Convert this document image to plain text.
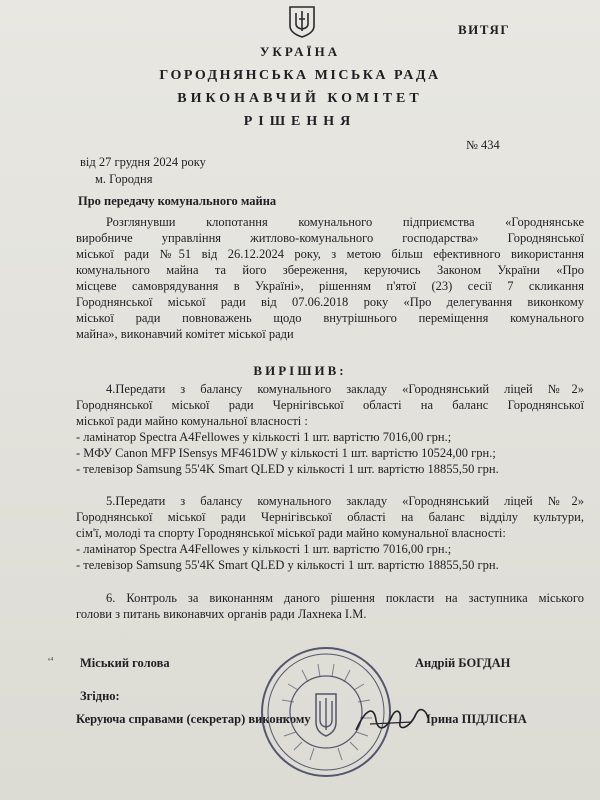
ВИТЯГ
УКРАЇНА
ГОРОДНЯНСЬКА МІСЬКА РАДА
ВИКОНАВЧИЙ КОМІТЕТ
РІШЕННЯ
№ 434
від 27 грудня 2024 року
м. Городня
Про передачу комунального майна
Розглянувши клопотання комунального підприємства «Городнянське
виробниче управління житлово-комунального господарства» Городнянської
міської ради №51 від 26.12.2024 року, з метою більш ефективного використання
комунального майна та його збереження, керуючись Законом України «Про
місцеве самоврядування в Україні», рішенням п'ятої (23) сесії 7 скликання
Городнянської міської ради від 07.06.2018 року «Про делегування виконкому
міської ради повноважень щодо внутрішнього переміщення комунального
майна», виконавчий комітет міської ради
ВИРІШИВ:
4.Передати з балансу комунального закладу «Городнянський ліцей №2»
Городнянської міської ради Чернігівської області на баланс Городнянської
міської ради майно комунальної власності :
- ламінатор Spectra A4Fellowes у кількості 1 шт. вартістю 7016,00 грн.;
- МФУ Canon MFP ISensys MF461DW у кількості 1 шт. вартістю 10524,00 грн.;
- телевізор Samsung 55'4K Smart QLED у кількості 1 шт. вартістю 18855,50 грн.
5.Передати з балансу комунального закладу «Городнянський ліцей №2»
Городнянської міської ради Чернігівської області на баланс відділу культури,
сім'ї, молоді та спорту Городнянської міської ради майно комунальної власності:
- ламінатор Spectra A4Fellowes у кількості 1 шт. вартістю 7016,00 грн.;
- телевізор Samsung 55'4K Smart QLED у кількості 1 шт. вартістю 18855,50 грн.
6. Контроль за виконанням даного рішення покласти на заступника міського
голови з питань виконавчих органів ради Лахнека І.М.
ᵉ⁴ Міський голова	Андрій БОГДАН
Згідно:
Керуюча справами (секретар) виконкому	Ірина ПІДЛІСНА
